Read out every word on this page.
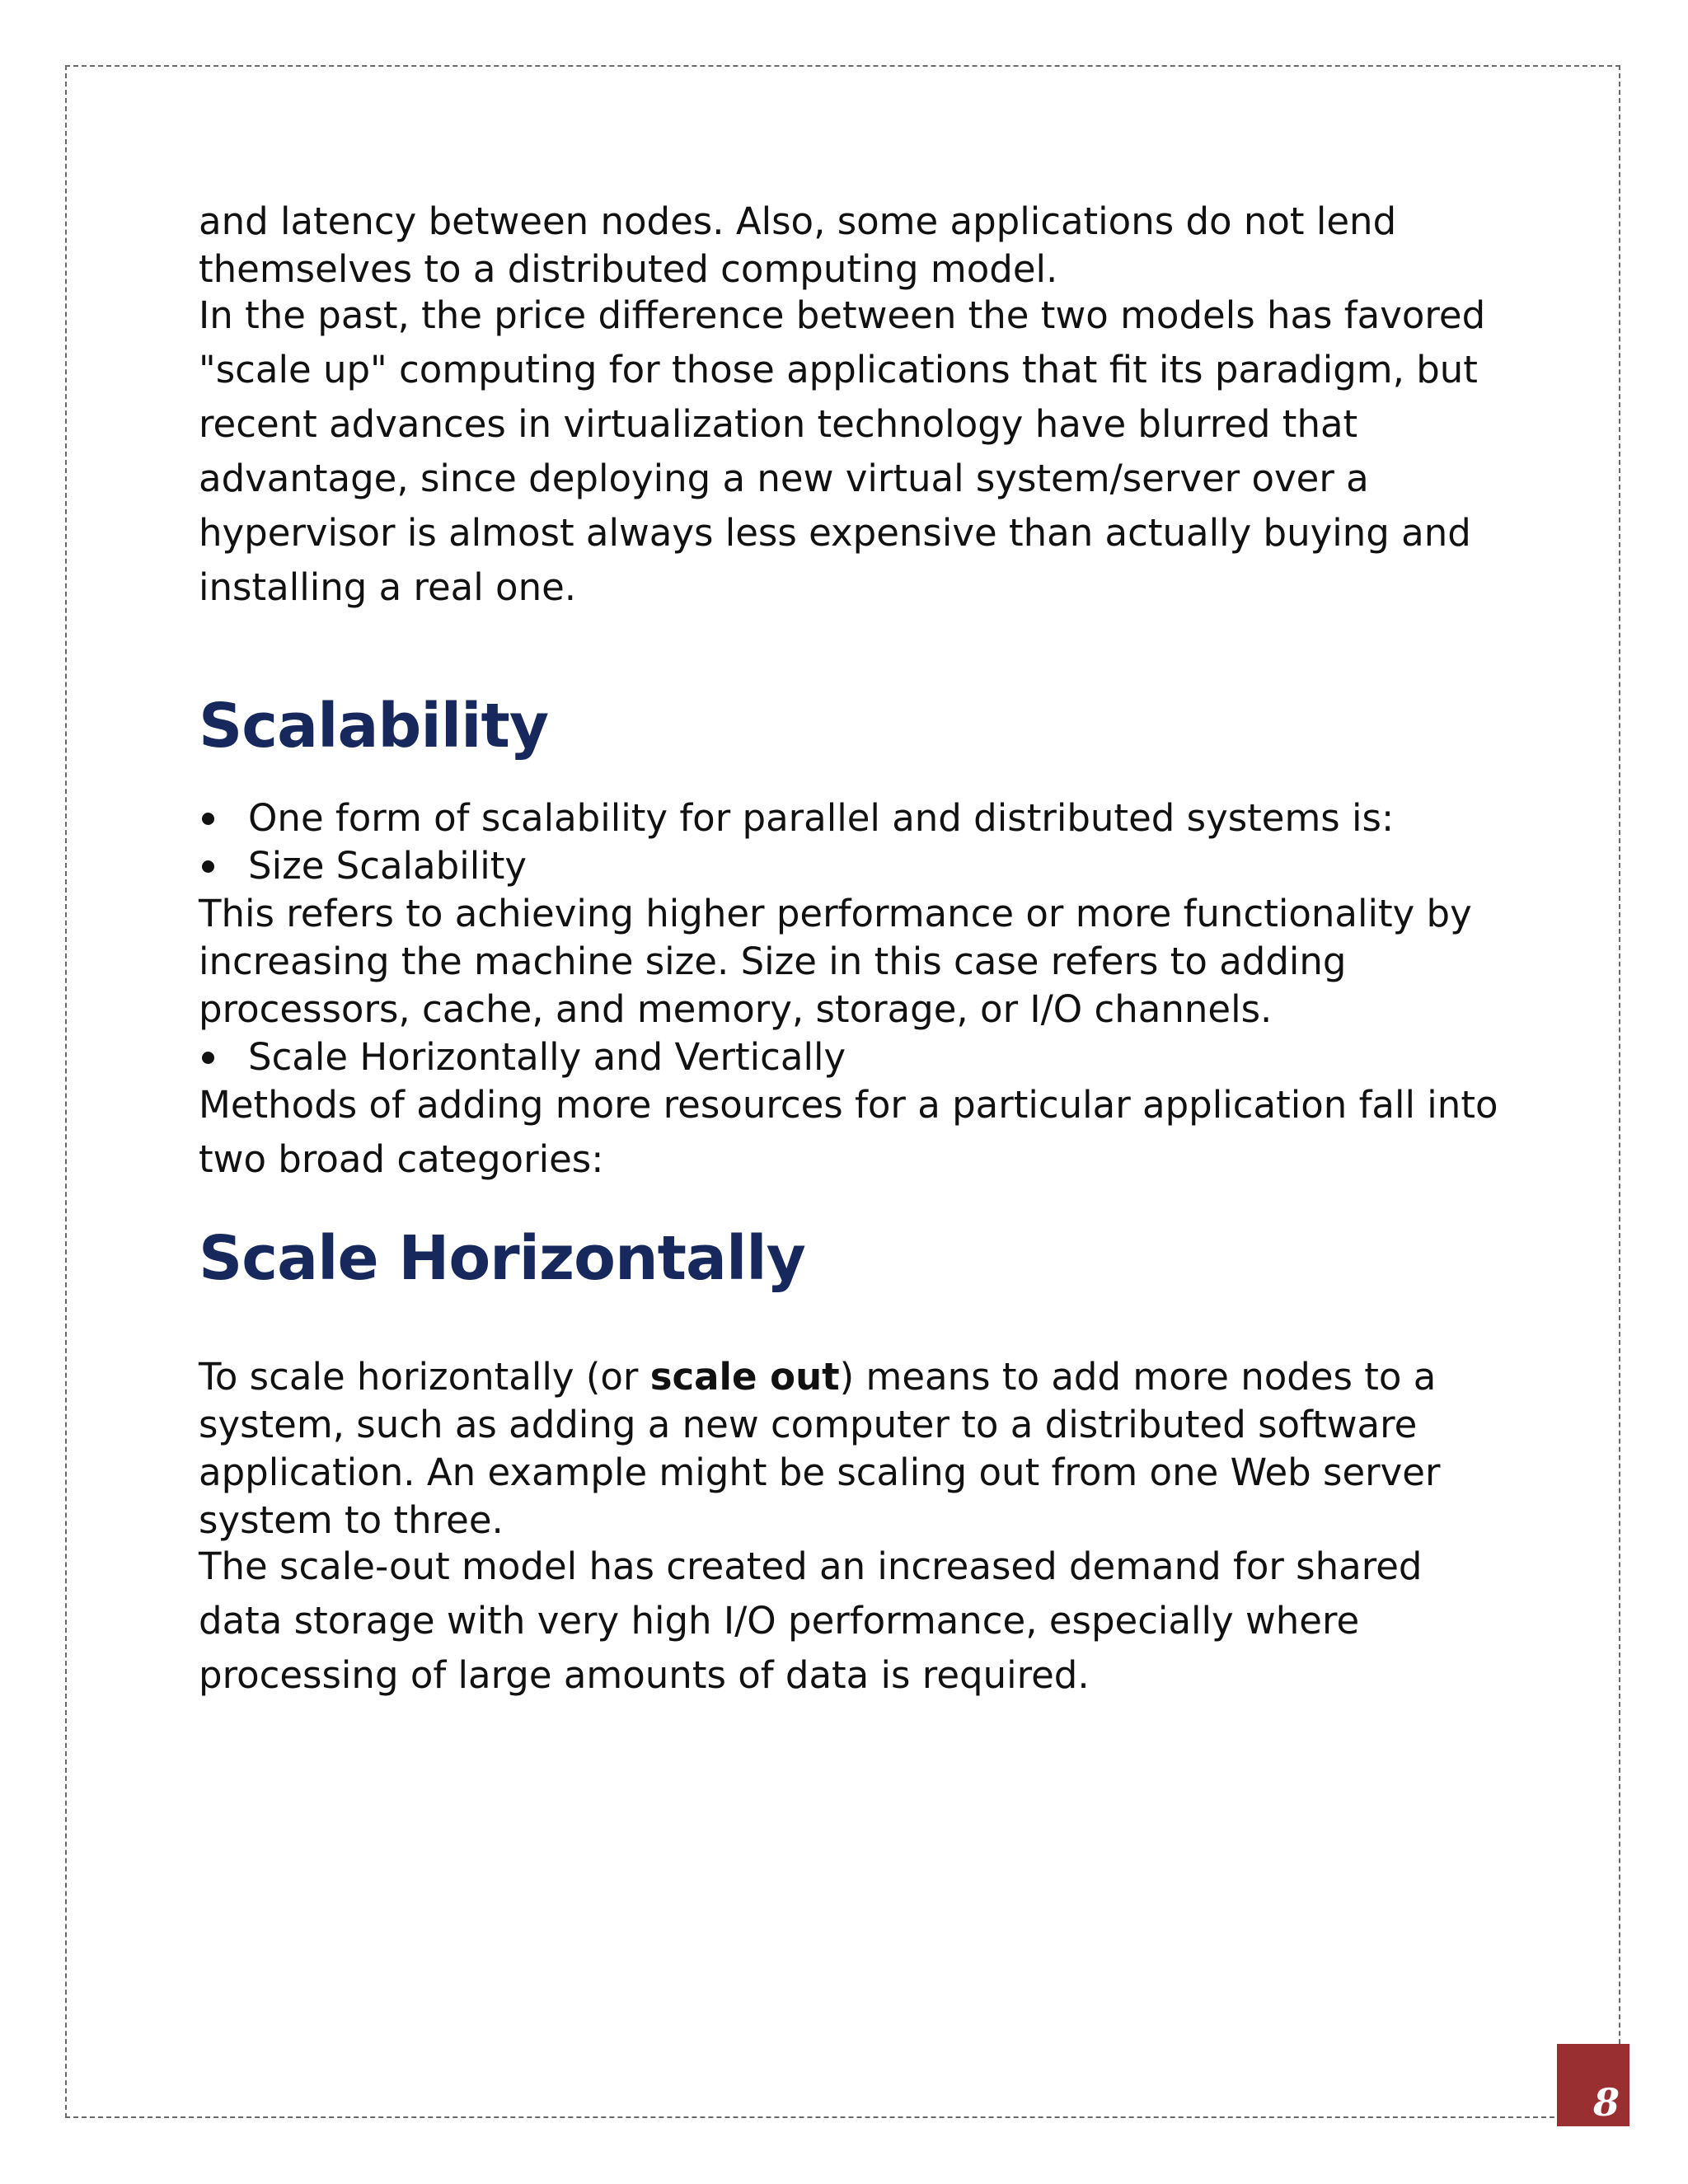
and latency between nodes. Also, some applications do not lend themselves to a distributed computing model.

In the past, the price difference between the two models has favored "scale up" computing for those applications that fit its paradigm, but recent advances in virtualization technology have blurred that advantage, since deploying a new virtual system/server over a hypervisor is almost always less expensive than actually buying and installing a real one.

Scalability
One form of scalability for parallel and distributed systems is:
Size Scalability

This refers to achieving higher performance or more functionality by increasing the machine size. Size in this case refers to adding processors, cache, and memory, storage, or I/O channels.

Scale Horizontally and Vertically

Methods of adding more resources for a particular application fall into two broad categories:

Scale Horizontally

To scale horizontally (or scale out) means to add more nodes to a system, such as adding a new computer to a distributed software application. An example might be scaling out from one Web server system to three.

The scale-out model has created an increased demand for shared data storage with very high I/O performance, especially where processing of large amounts of data is required.

8
